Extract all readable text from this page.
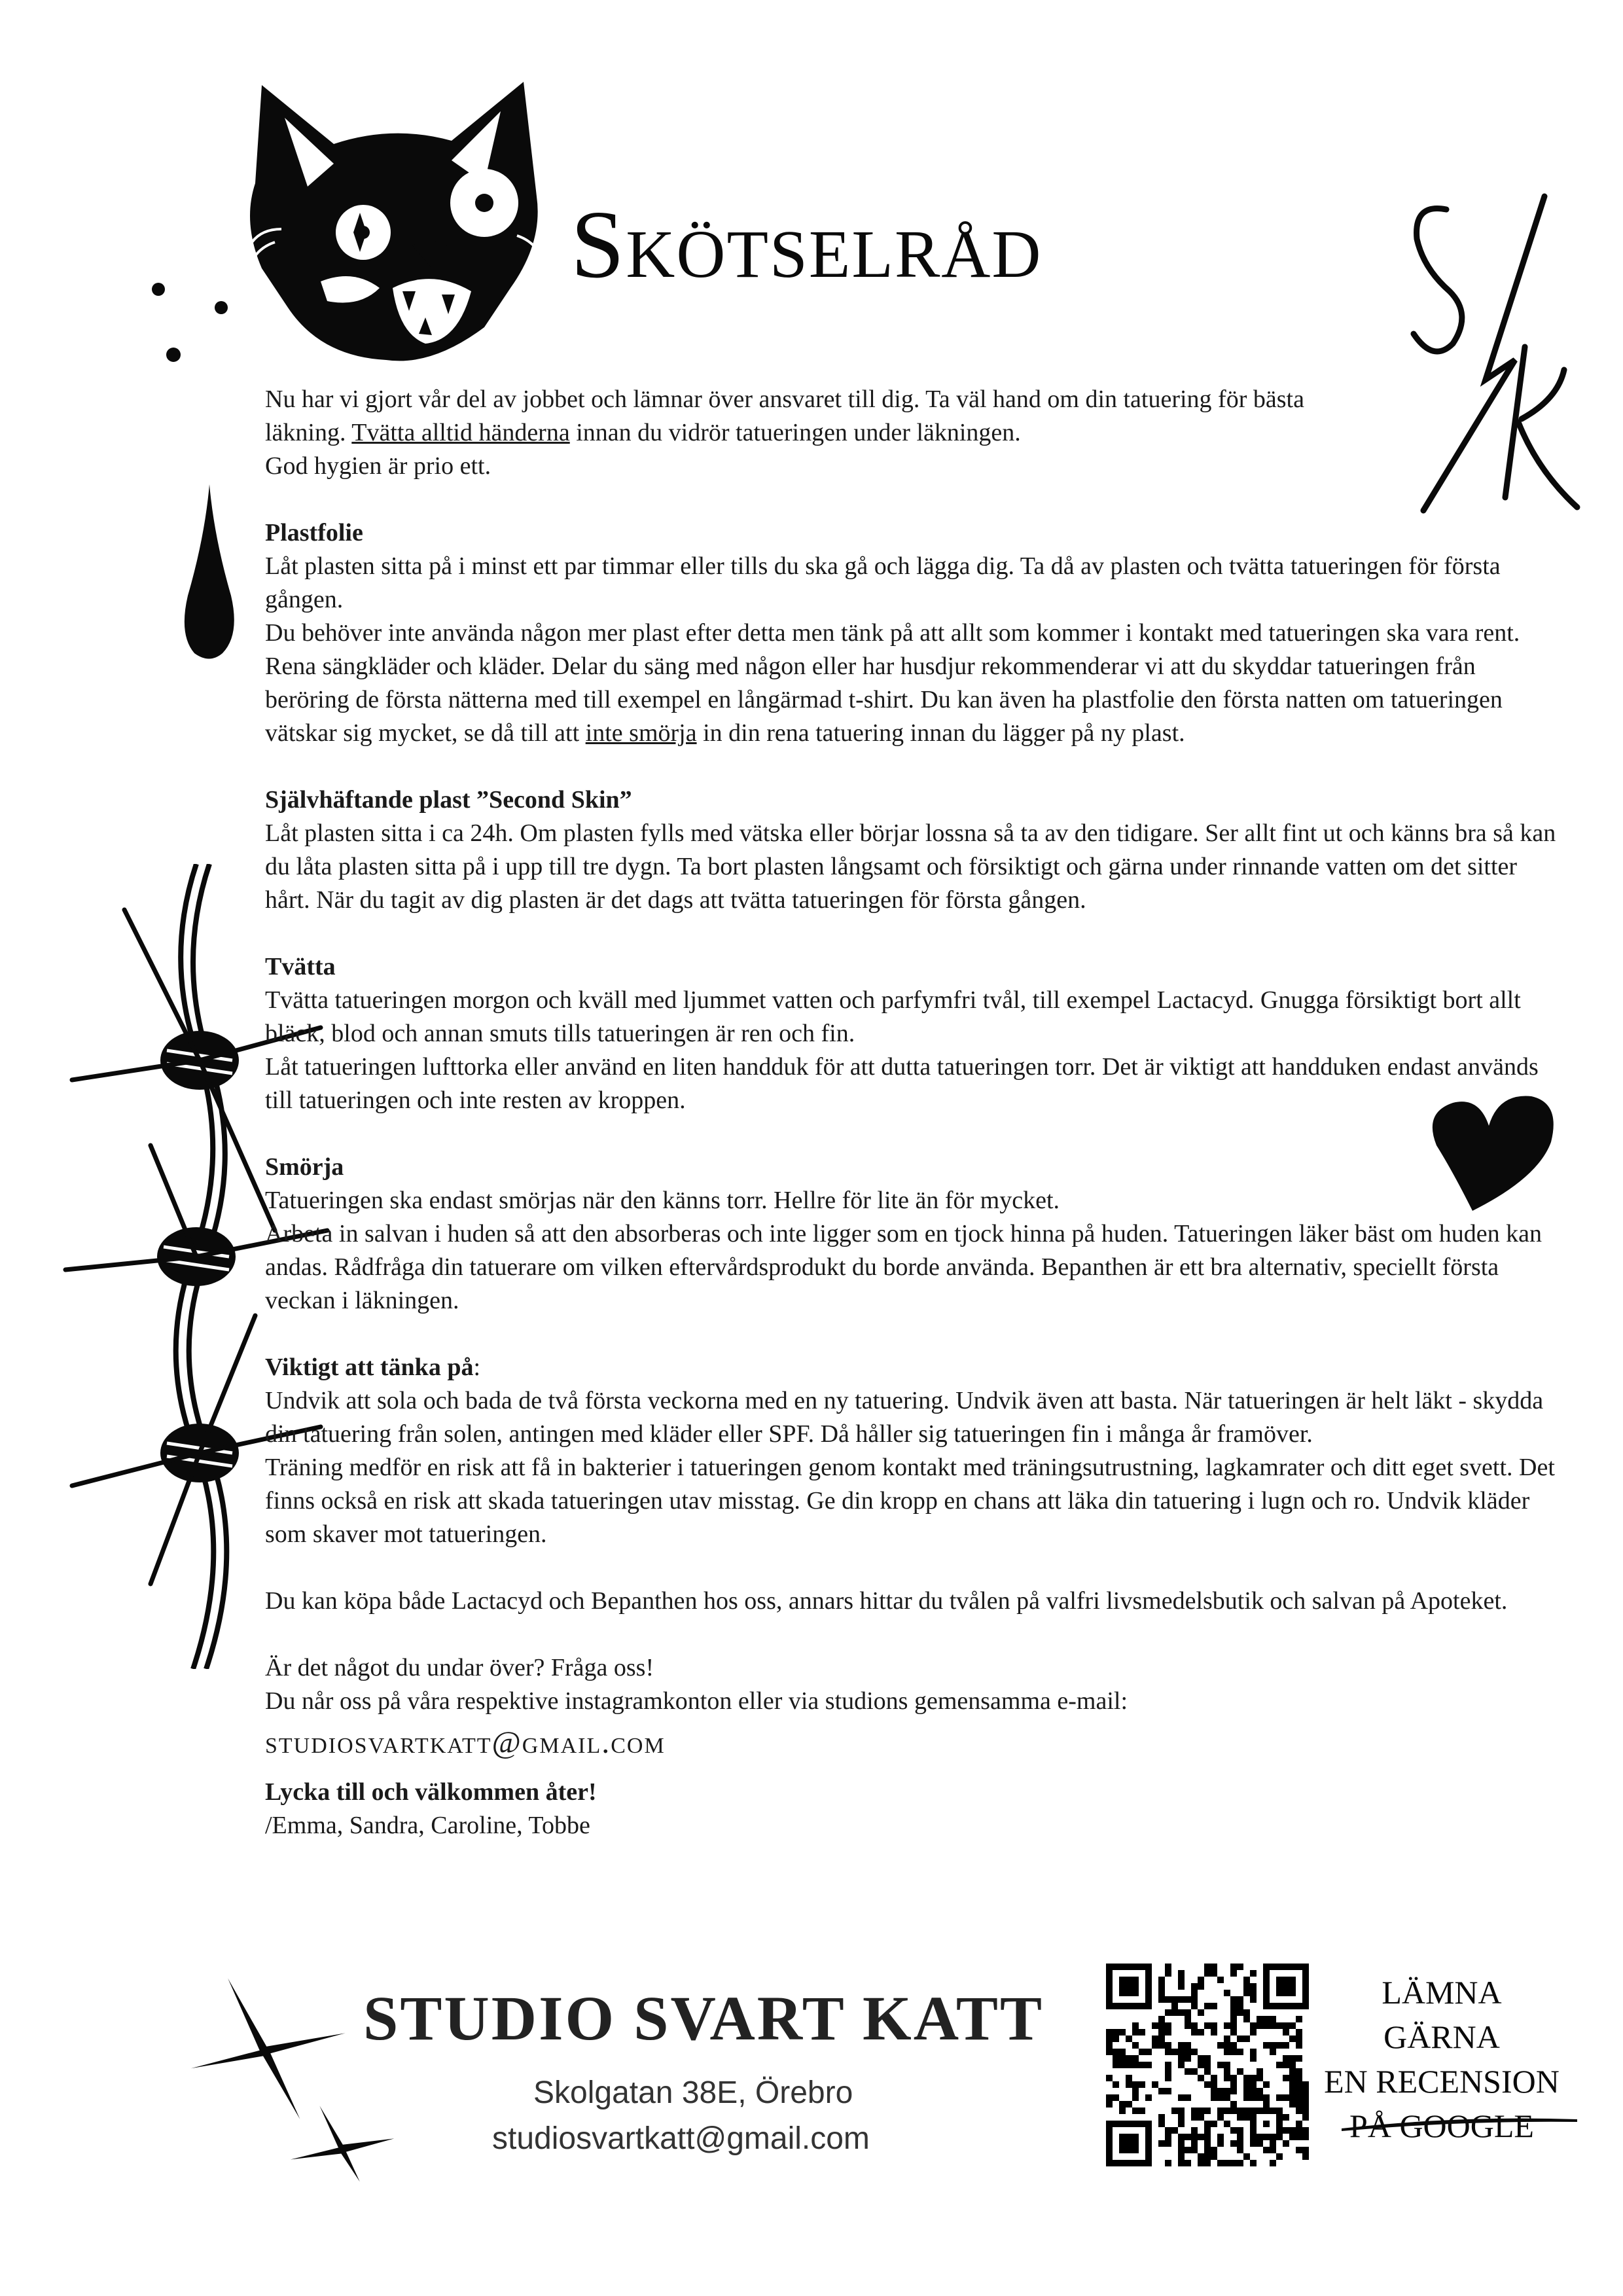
Skötselråd
S/K

Nu har vi gjort vår del av jobbet och lämnar över ansvaret till dig. Ta väl hand om din tatuering för bästa

läkning. Tvätta alltid händerna innan du vidrör tatueringen under läkningen.

God hygien är prio ett.

Plastfolie

Låt plasten sitta på i minst ett par timmar eller tills du ska gå och lägga dig. Ta då av plasten och tvätta tatueringen för första gången.

Du behöver inte använda någon mer plast efter detta men tänk på att allt som kommer i kontakt med tatueringen ska vara rent. Rena sängkläder och kläder. Delar du säng med någon eller har husdjur rekommenderar vi att du skyddar tatueringen från beröring de första nätterna med till exempel en långärmad t-shirt. Du kan även ha plastfolie den första natten om tatueringen vätskar sig mycket, se då till att inte smörja in din rena tatuering innan du lägger på ny plast.

Självhäftande plast ”Second Skin”

Låt plasten sitta i ca 24h. Om plasten fylls med vätska eller börjar lossna så ta av den tidigare. Ser allt fint ut och känns bra så kan du låta plasten sitta på i upp till tre dygn. Ta bort plasten långsamt och försiktigt och gärna under rinnande vatten om det sitter hårt. När du tagit av dig plasten är det dags att tvätta tatueringen för första gången.

Tvätta

Tvätta tatueringen morgon och kväll med ljummet vatten och parfymfri tvål, till exempel Lactacyd. Gnugga försiktigt bort allt bläck, blod och annan smuts tills tatueringen är ren och fin.

Låt tatueringen lufttorka eller använd en liten handduk för att dutta tatueringen torr. Det är viktigt att handduken endast används till tatueringen och inte resten av kroppen.

Smörja

Tatueringen ska endast smörjas när den känns torr. Hellre för lite än för mycket.

Arbeta in salvan i huden så att den absorberas och inte ligger som en tjock hinna på huden. Tatueringen läker bäst om huden kan andas. Rådfråga din tatuerare om vilken eftervårdsprodukt du borde använda. Bepanthen är ett bra alternativ, speciellt första veckan i läkningen.

Viktigt att tänka på:

Undvik att sola och bada de två första veckorna med en ny tatuering. Undvik även att basta. När tatueringen är helt läkt - skydda din tatuering från solen, antingen med kläder eller SPF. Då håller sig tatueringen fin i många år framöver.

Träning medför en risk att få in bakterier i tatueringen genom kontakt med träningsutrustning, lagkamrater och ditt eget svett. Det finns också en risk att skada tatueringen utav misstag. Ge din kropp en chans att läka din tatuering i lugn och ro. Undvik kläder som skaver mot tatueringen.

Du kan köpa både Lactacyd och Bepanthen hos oss, annars hittar du tvålen på valfri livsmedelsbutik och salvan på Apoteket.

Är det något du undar över? Fråga oss!

Du når oss på våra respektive instagramkonton eller via studions gemensamma e-mail:

studiosvartkatt@gmail.com

Lycka till och välkommen åter!

/Emma, Sandra, Caroline, Tobbe

STUDIO SVART KATT
Skolgatan 38E, Örebro
studiosvartkatt@gmail.com
LÄMNA GÄRNA
EN RECENSION
PÅ GOOGLE
